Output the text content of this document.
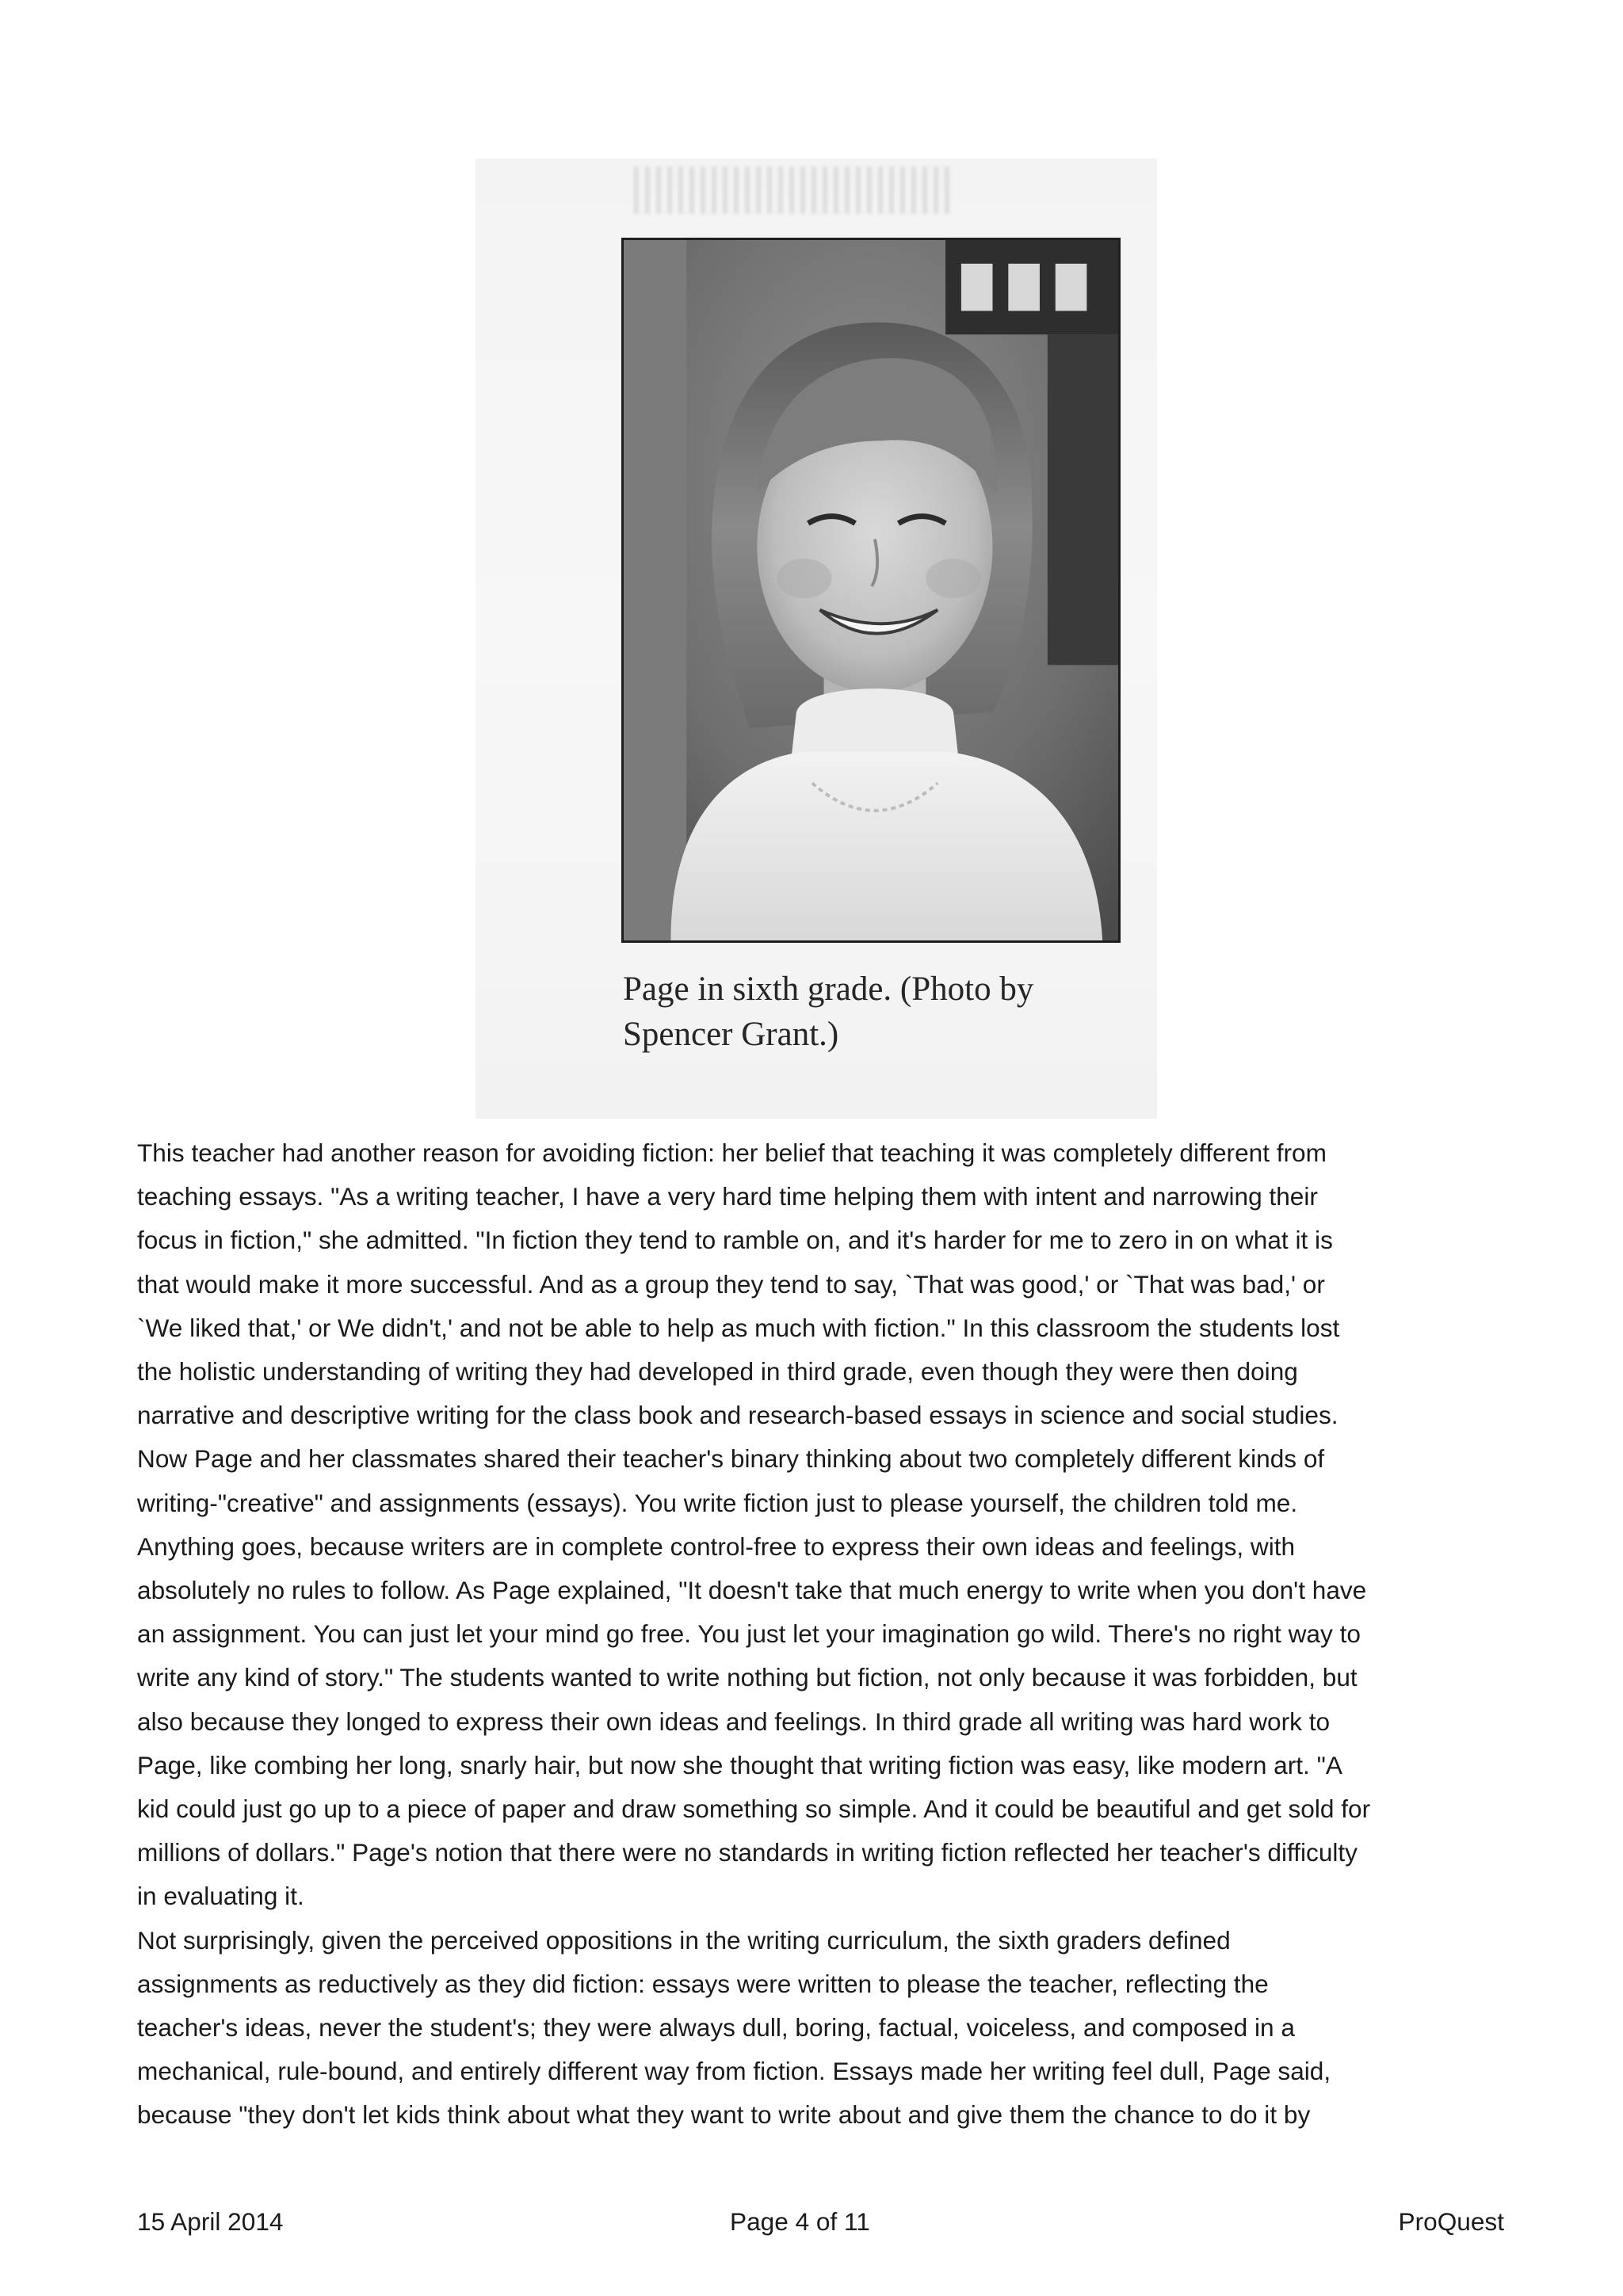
Page in sixth grade. (Photo by
Spencer Grant.)
This teacher had another reason for avoiding fiction: her belief that teaching it was completely different from
teaching essays. "As a writing teacher, I have a very hard time helping them with intent and narrowing their
focus in fiction," she admitted. "In fiction they tend to ramble on, and it's harder for me to zero in on what it is
that would make it more successful. And as a group they tend to say, `That was good,' or `That was bad,' or
`We liked that,' or We didn't,' and not be able to help as much with fiction." In this classroom the students lost
the holistic understanding of writing they had developed in third grade, even though they were then doing
narrative and descriptive writing for the class book and research-based essays in science and social studies.
Now Page and her classmates shared their teacher's binary thinking about two completely different kinds of
writing-"creative" and assignments (essays). You write fiction just to please yourself, the children told me.
Anything goes, because writers are in complete control-free to express their own ideas and feelings, with
absolutely no rules to follow. As Page explained, "It doesn't take that much energy to write when you don't have
an assignment. You can just let your mind go free. You just let your imagination go wild. There's no right way to
write any kind of story." The students wanted to write nothing but fiction, not only because it was forbidden, but
also because they longed to express their own ideas and feelings. In third grade all writing was hard work to
Page, like combing her long, snarly hair, but now she thought that writing fiction was easy, like modern art. "A
kid could just go up to a piece of paper and draw something so simple. And it could be beautiful and get sold for
millions of dollars." Page's notion that there were no standards in writing fiction reflected her teacher's difficulty
in evaluating it.
Not surprisingly, given the perceived oppositions in the writing curriculum, the sixth graders defined
assignments as reductively as they did fiction: essays were written to please the teacher, reflecting the
teacher's ideas, never the student's; they were always dull, boring, factual, voiceless, and composed in a
mechanical, rule-bound, and entirely different way from fiction. Essays made her writing feel dull, Page said,
because "they don't let kids think about what they want to write about and give them the chance to do it by
15 April 2014	Page 4 of 11	ProQuest
